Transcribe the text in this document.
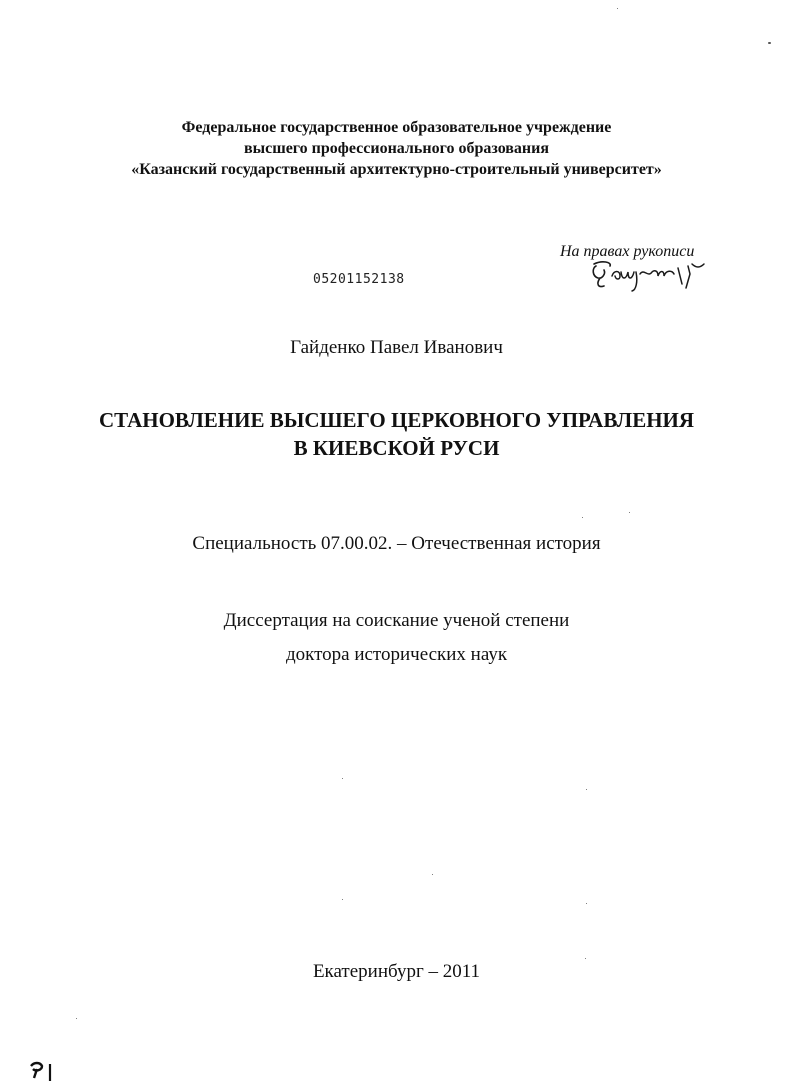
Федеральное государственное образовательное учреждение
высшего профессионального образования
«Казанский государственный архитектурно-строительный университет»
На правах рукописи
05201152138
Гайденко Павел Иванович
СТАНОВЛЕНИЕ ВЫСШЕГО ЦЕРКОВНОГО УПРАВЛЕНИЯ
В КИЕВСКОЙ РУСИ
Специальность 07.00.02. – Отечественная история
Диссертация на соискание ученой степени
доктора исторических наук
Екатеринбург – 2011
